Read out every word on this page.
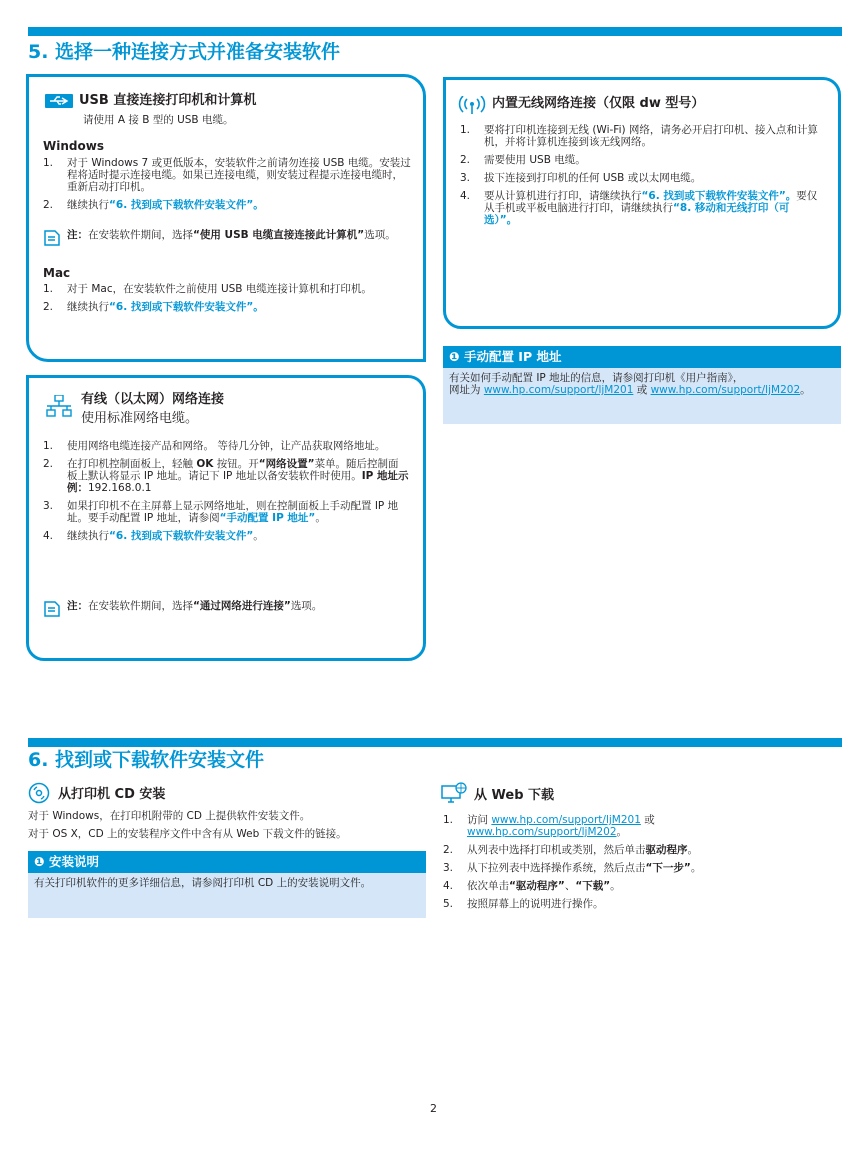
5. 选择一种连接方式并准备安装软件
USB 直接连接打印机和计算机
请使用 A 接 B 型的 USB 电缆。
Windows
1. 对于 Windows 7 或更低版本，安装软件之前请勿连接 USB 电缆。安装过程将适时提示连接电缆。如果已连接电缆，则安装过程提示连接电缆时，重新启动打印机。
2. 继续执行“6. 找到或下载软件安装文件”。
注：在安装软件期间，选择“使用 USB 电缆直接连接此计算机”选项。
Mac
1. 对于 Mac，在安装软件之前使用 USB 电缆连接计算机和打印机。
2. 继续执行“6. 找到或下载软件安装文件”。
内置无线网络连接（仅限 dw 型号）
1. 要将打印机连接到无线 (Wi-Fi) 网络，请务必开启打印机、接入点和计算机，并将计算机连接到该无线网络。
2. 需要使用 USB 电缆。
3. 拔下连接到打印机的任何 USB 或以太网电缆。
4. 要从计算机进行打印，请继续执行“6. 找到或下载软件安装文件”。要仅从手机或平板电脑进行打印，请继续执行“8. 移动和无线打印（可选）”。
❶ 手动配置 IP 地址
有关如何手动配置 IP 地址的信息，请参阅打印机《用户指南》，
网址为 www.hp.com/support/ljM201 或 www.hp.com/support/ljM202。
有线（以太网）网络连接
使用标准网络电缆。
1. 使用网络电缆连接产品和网络。 等待几分钟，让产品获取网络地址。
2. 在打印机控制面板上，轻触 OK 按钮。开“网络设置”菜单。随后控制面板上默认将显示 IP 地址。请记下 IP 地址以备安装软件时使用。IP 地址示例：192.168.0.1
3. 如果打印机不在主屏幕上显示网络地址，则在控制面板上手动配置 IP 地址。要手动配置 IP 地址，请参阅“手动配置 IP 地址”。
4. 继续执行“6. 找到或下载软件安装文件”。
注：在安装软件期间，选择“通过网络进行连接”选项。
6. 找到或下载软件安装文件
从打印机 CD 安装
对于 Windows，在打印机附带的 CD 上提供软件安装文件。
对于 OS X，CD 上的安装程序文件中含有从 Web 下载文件的链接。
❶ 安装说明
有关打印机软件的更多详细信息，请参阅打印机 CD 上的安装说明文件。
从 Web 下载
1. 访问 www.hp.com/support/ljM201 或
www.hp.com/support/ljM202。
2. 从列表中选择打印机或类别，然后单击驱动程序。
3. 从下拉列表中选择操作系统，然后点击“下一步”。
4. 依次单击“驱动程序”、“下载”。
5. 按照屏幕上的说明进行操作。
2
